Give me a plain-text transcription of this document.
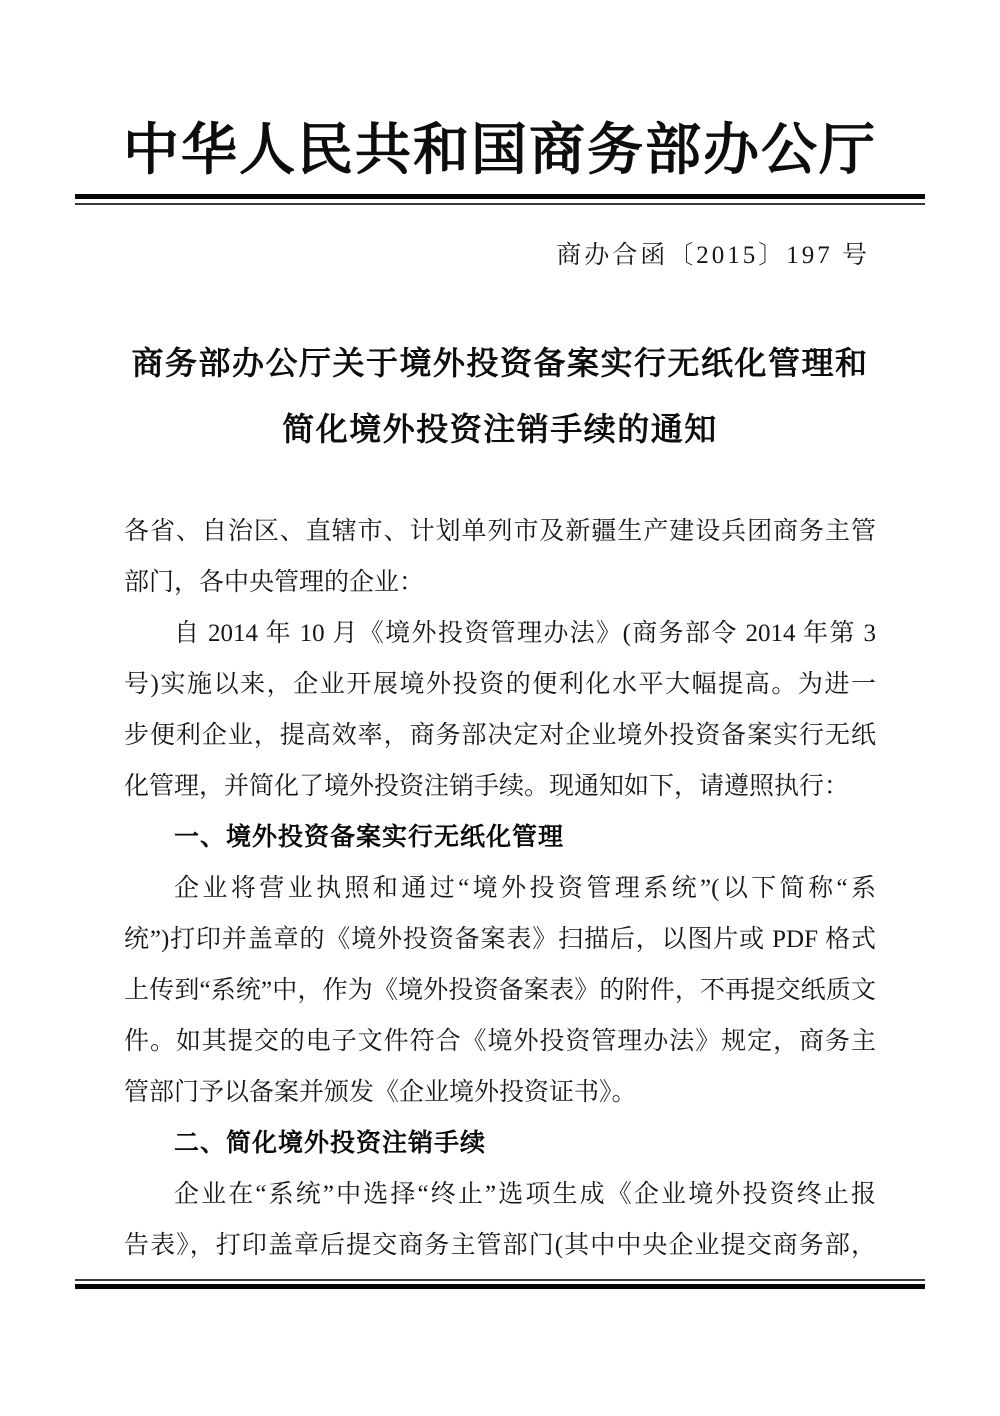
中华人民共和国商务部办公厅
商办合函〔2015〕197 号
商务部办公厅关于境外投资备案实行无纸化管理和
简化境外投资注销手续的通知
各省、自治区、直辖市、计划单列市及新疆生产建设兵团商务主管
部门，各中央管理的企业：
自 2014 年 10 月《境外投资管理办法》(商务部令 2014 年第 3
号)实施以来，企业开展境外投资的便利化水平大幅提高。为进一
步便利企业，提高效率，商务部决定对企业境外投资备案实行无纸
化管理，并简化了境外投资注销手续。现通知如下，请遵照执行：
一、境外投资备案实行无纸化管理
企业将营业执照和通过“境外投资管理系统”(以下简称“系
统”)打印并盖章的《境外投资备案表》扫描后，以图片或 PDF 格式
上传到“系统”中，作为《境外投资备案表》的附件，不再提交纸质文
件。如其提交的电子文件符合《境外投资管理办法》规定，商务主
管部门予以备案并颁发《企业境外投资证书》。
二、简化境外投资注销手续
企业在“系统”中选择“终止”选项生成《企业境外投资终止报
告表》，打印盖章后提交商务主管部门(其中中央企业提交商务部，
